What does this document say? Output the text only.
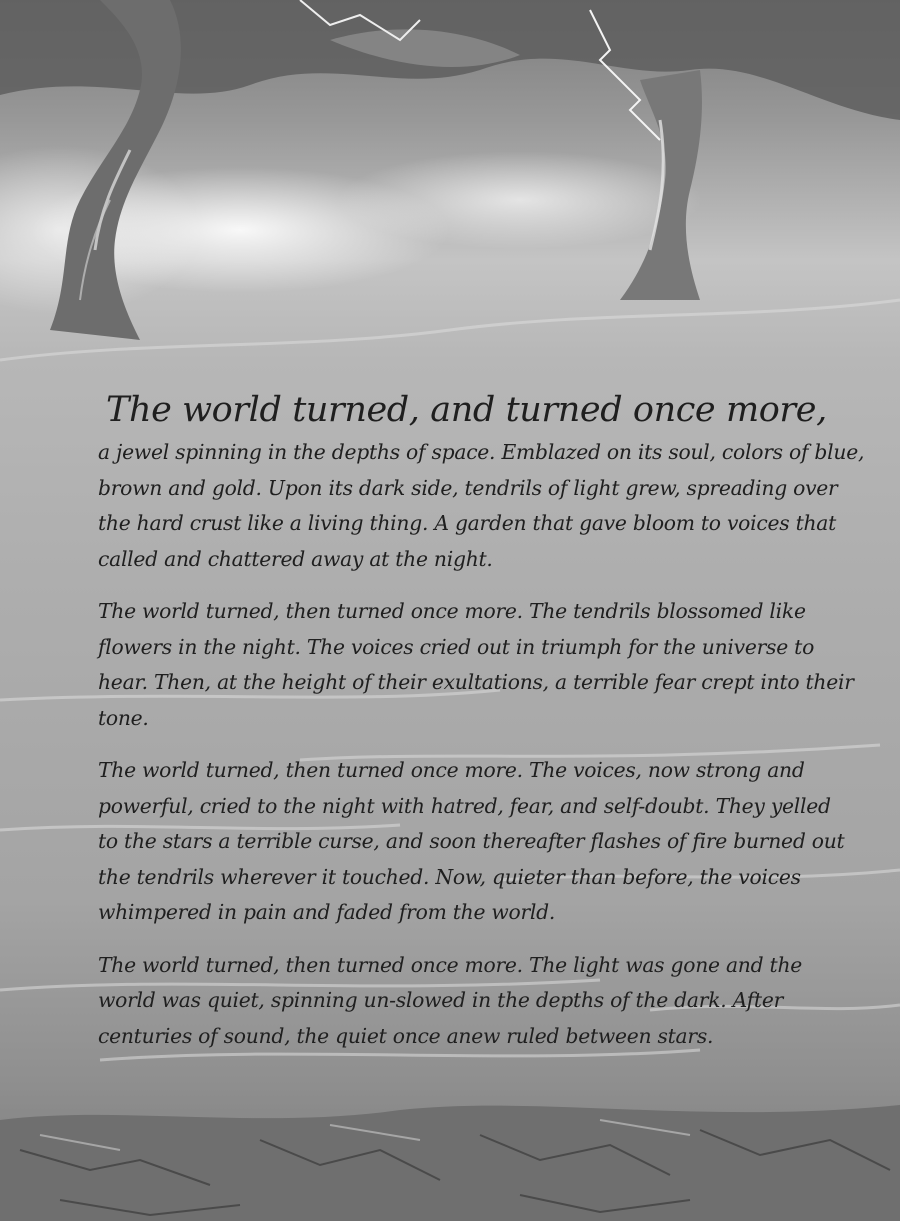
The world turned, and turned once more,

a jewel spinning in the depths of space. Emblazed on its soul, colors of blue,
brown and gold. Upon its dark side, tendrils of light grew, spreading over
the hard crust like a living thing. A garden that gave bloom to voices that
called and chattered away at the night.

The world turned, then turned once more. The tendrils blossomed like
flowers in the night. The voices cried out in triumph for the universe to
hear. Then, at the height of their exultations, a terrible fear crept into their
tone.

The world turned, then turned once more. The voices, now strong and
powerful, cried to the night with hatred, fear, and self-doubt. They yelled
to the stars a terrible curse, and soon thereafter flashes of fire burned out
the tendrils wherever it touched. Now, quieter than before, the voices
whimpered in pain and faded from the world.

The world turned, then turned once more. The light was gone and the
world was quiet, spinning un-slowed in the depths of the dark. After
centuries of sound, the quiet once anew ruled between stars.
